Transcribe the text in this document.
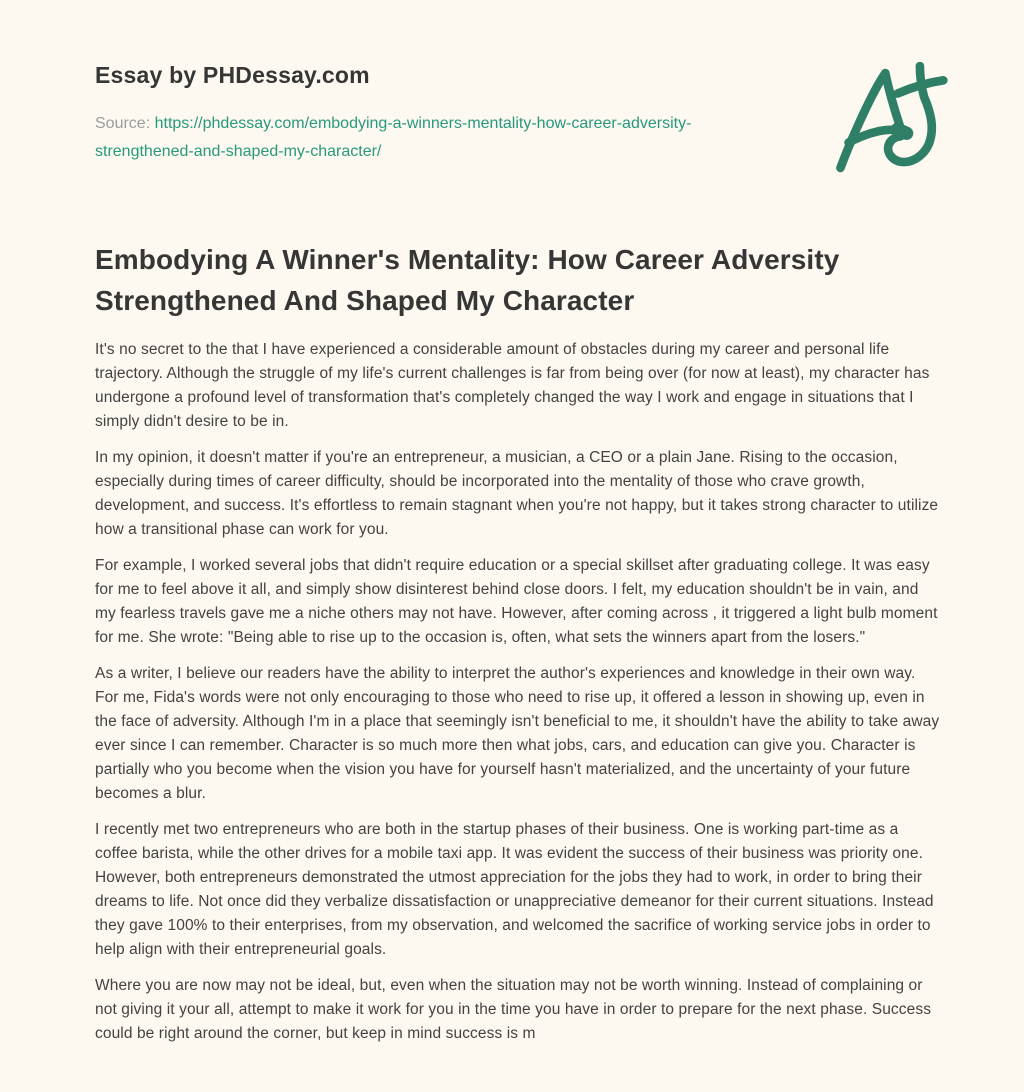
Essay by PHDessay.com
Source: https://phdessay.com/embodying-a-winners-mentality-how-career-adversity-strengthened-and-shaped-my-character/
Embodying A Winner's Mentality: How Career Adversity Strengthened And Shaped My Character

It's no secret to the that I have experienced a considerable amount of obstacles during my career and personal life trajectory. Although the struggle of my life's current challenges is far from being over (for now at least), my character has undergone a profound level of transformation that's completely changed the way I work and engage in situations that I simply didn't desire to be in.

In my opinion, it doesn't matter if you're an entrepreneur, a musician, a CEO or a plain Jane. Rising to the occasion, especially during times of career difficulty, should be incorporated into the mentality of those who crave growth, development, and success. It's effortless to remain stagnant when you're not happy, but it takes strong character to utilize how a transitional phase can work for you.

For example, I worked several jobs that didn't require education or a special skillset after graduating college. It was easy for me to feel above it all, and simply show disinterest behind close doors. I felt, my education shouldn't be in vain, and my fearless travels gave me a niche others may not have. However, after coming across , it triggered a light bulb moment for me. She wrote: "Being able to rise up to the occasion is, often, what sets the winners apart from the losers."

As a writer, I believe our readers have the ability to interpret the author's experiences and knowledge in their own way. For me, Fida's words were not only encouraging to those who need to rise up, it offered a lesson in showing up, even in the face of adversity. Although I'm in a place that seemingly isn't beneficial to me, it shouldn't have the ability to take away ever since I can remember. Character is so much more then what jobs, cars, and education can give you. Character is partially who you become when the vision you have for yourself hasn't materialized, and the uncertainty of your future becomes a blur.

I recently met two entrepreneurs who are both in the startup phases of their business. One is working part-time as a coffee barista, while the other drives for a mobile taxi app. It was evident the success of their business was priority one. However, both entrepreneurs demonstrated the utmost appreciation for the jobs they had to work, in order to bring their dreams to life. Not once did they verbalize dissatisfaction or unappreciative demeanor for their current situations. Instead they gave 100% to their enterprises, from my observation, and welcomed the sacrifice of working service jobs in order to help align with their entrepreneurial goals.

Where you are now may not be ideal, but, even when the situation may not be worth winning. Instead of complaining or not giving it your all, attempt to make it work for you in the time you have in order to prepare for the next phase. Success could be right around the corner, but keep in mind success is m
